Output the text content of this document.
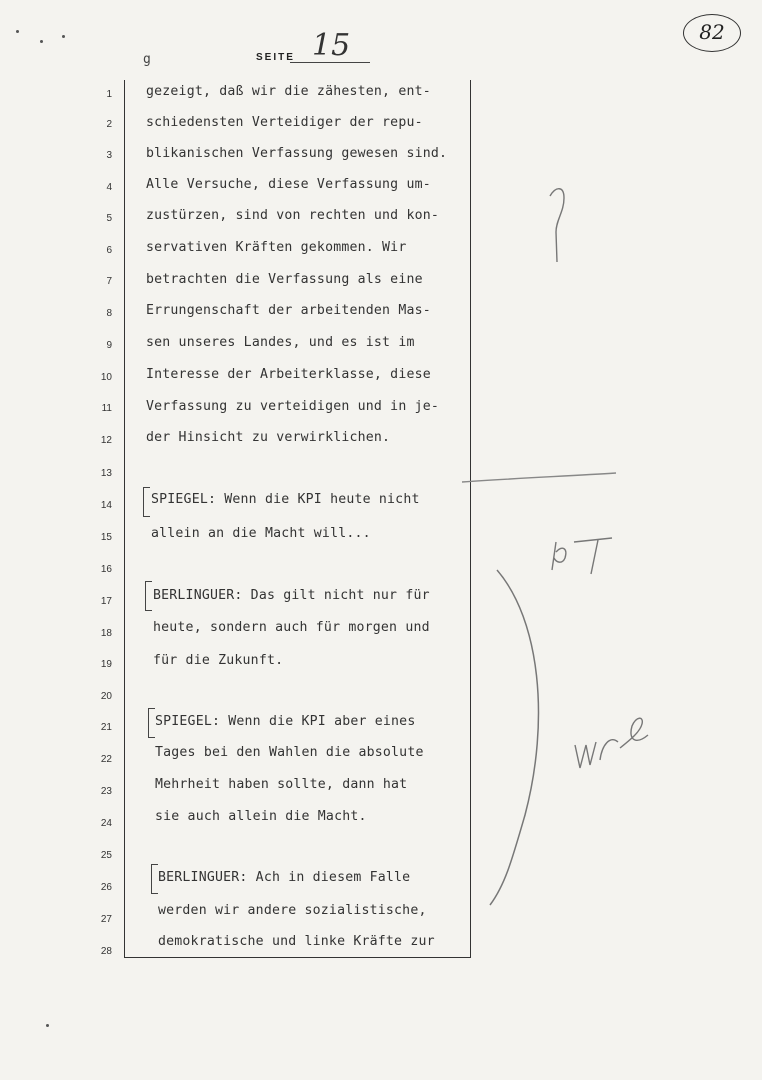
g	SEITE 15	82
1
2
3
4
5
6
7
8
9
10
11
12
13
14
15
16
17
18
19
20
21
22
23
24
25
26
27
28
gezeigt, daß wir die zähesten, ent-
schiedensten Verteidiger der repu-
blikanischen Verfassung gewesen sind.
Alle Versuche, diese Verfassung um-
zustürzen, sind von rechten und kon-
servativen Kräften gekommen. Wir
betrachten die Verfassung als eine
Errungenschaft der arbeitenden Mas-
sen unseres Landes, und es ist im
Interesse der Arbeiterklasse, diese
Verfassung zu verteidigen und in je-
der Hinsicht zu verwirklichen.
SPIEGEL: Wenn die KPI heute nicht
allein an die Macht will...
BERLINGUER: Das gilt nicht nur für
heute, sondern auch für morgen und
für die Zukunft.
SPIEGEL: Wenn die KPI aber eines
Tages bei den Wahlen die absolute
Mehrheit haben sollte, dann hat
sie auch allein die Macht.
BERLINGUER: Ach in diesem Falle
werden wir andere sozialistische,
demokratische und linke Kräfte zur
